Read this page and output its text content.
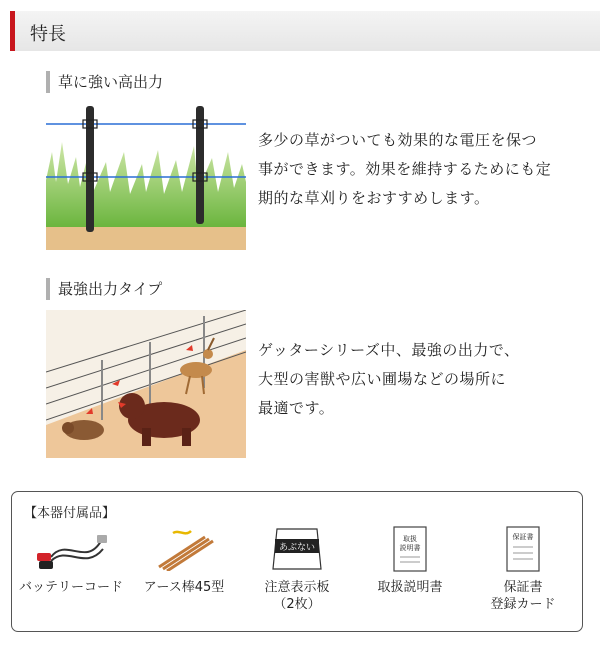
特長
草に強い高出力
多少の草がついても効果的な電圧を保つ
事ができます。効果を維持するためにも定
期的な草刈りをおすすめします。
最強出力タイプ
ゲッターシリーズ中、最強の出力で、
大型の害獣や広い圃場などの場所に
最適です。
【本器付属品】
バッテリーコード	アース棒45型
あぶない
注意表示板
（2枚）
取扱
説明書
取扱説明書
保証書
保証書
登録カード
